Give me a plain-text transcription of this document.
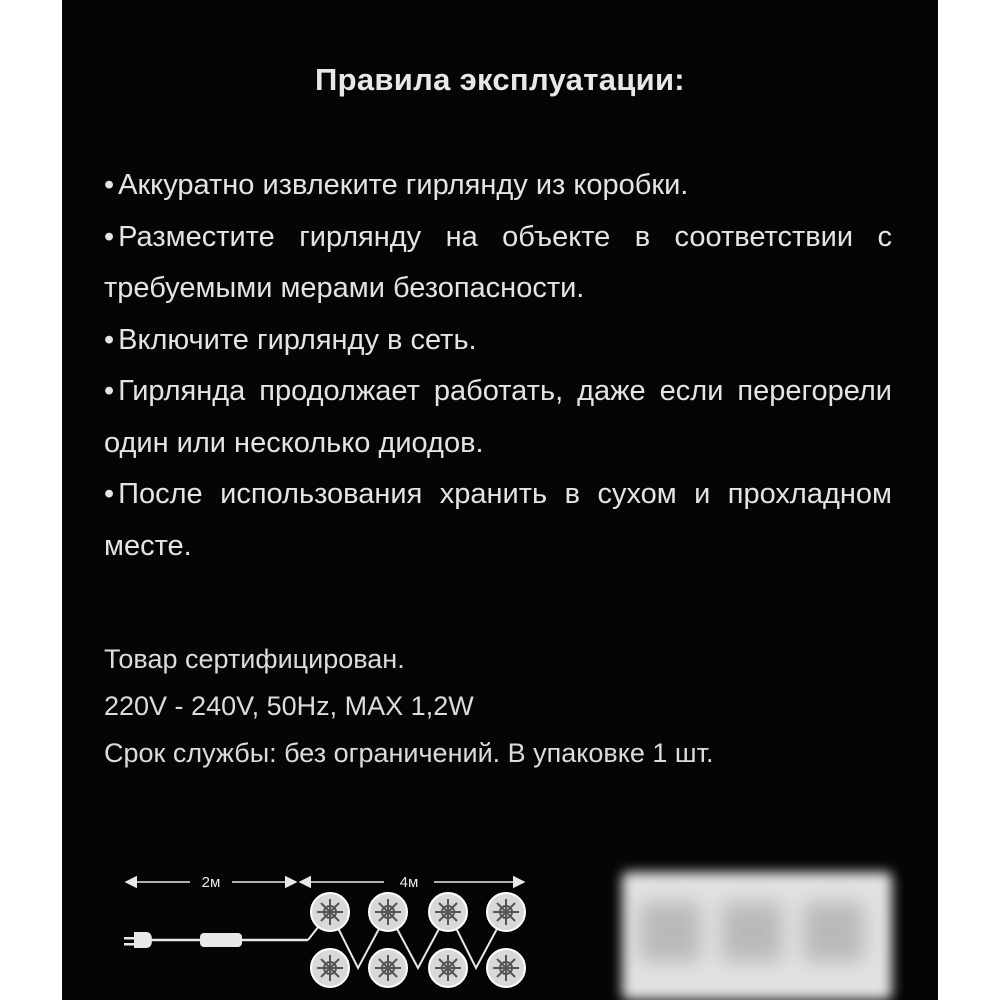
Правила эксплуатации:

• Аккуратно извлеките гирлянду из коробки.

• Разместите гирлянду на объекте в соответствии с требуемыми мерами безопасности.

• Включите гирлянду в сеть.

• Гирлянда продолжает работать, даже если перегорели один или несколько диодов.

• После использования хранить в сухом и прохладном месте.

Товар сертифицирован.
220V - 240V, 50Hz, MAX 1,2W
Срок службы: без ограничений. В упаковке 1 шт.
2м	4м
